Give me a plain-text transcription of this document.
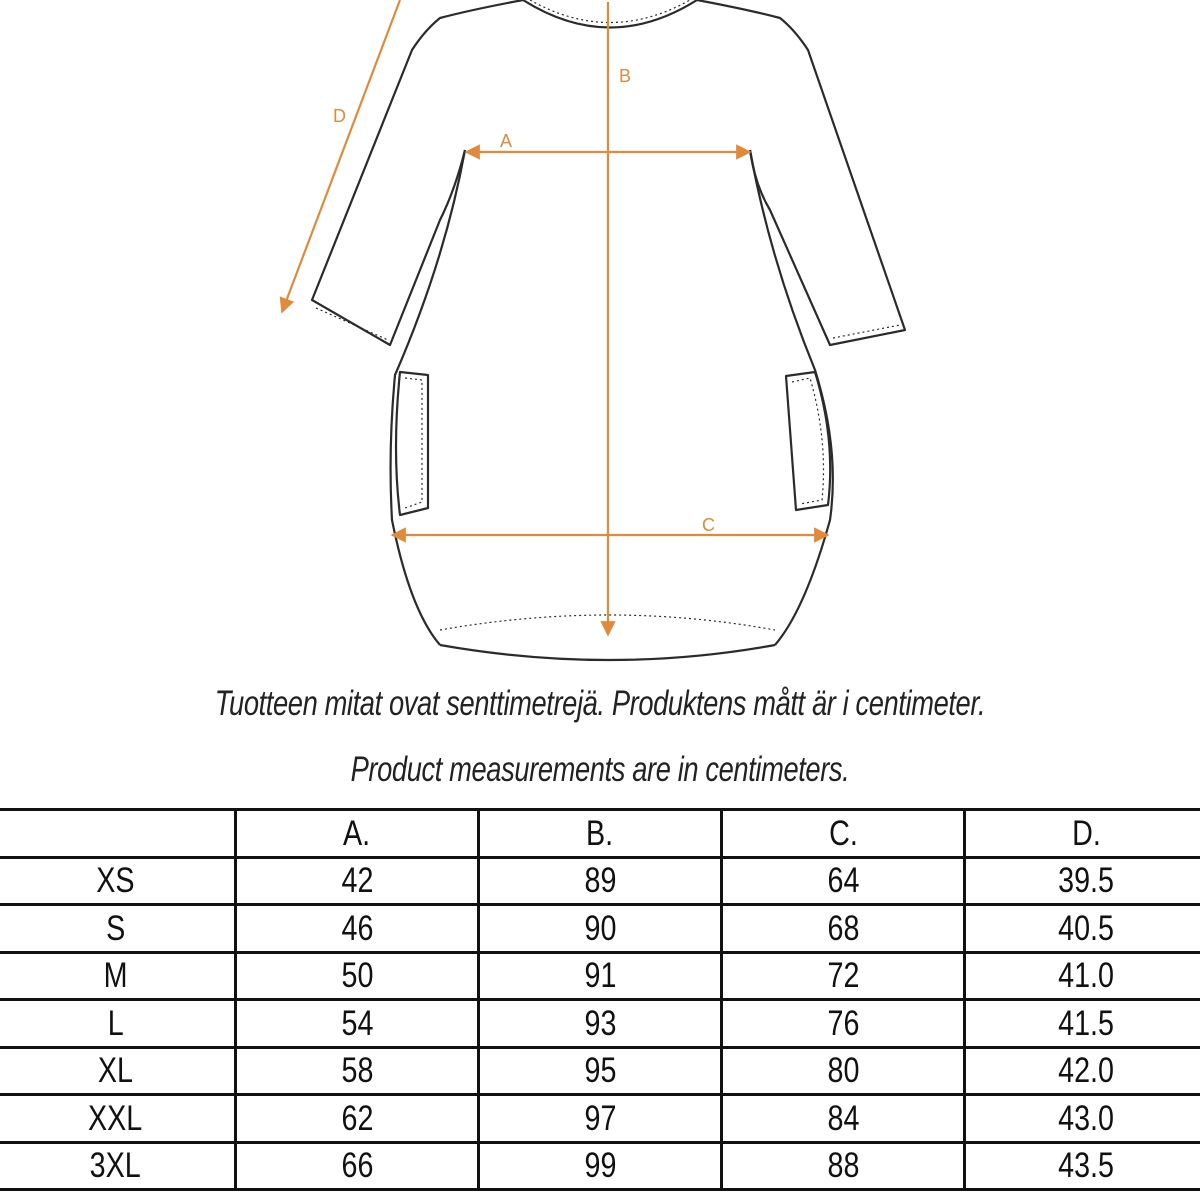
A
B
C
D
Tuotteen mitat ovat senttimetrejä. Produktens mått är i centimeter.
Product measurements are in centimeters.
	A.	B.	C.	D.
XS	42	89	64	39.5
S	46	90	68	40.5
M	50	91	72	41.0
L	54	93	76	41.5
XL	58	95	80	42.0
XXL	62	97	84	43.0
3XL	66	99	88	43.5
